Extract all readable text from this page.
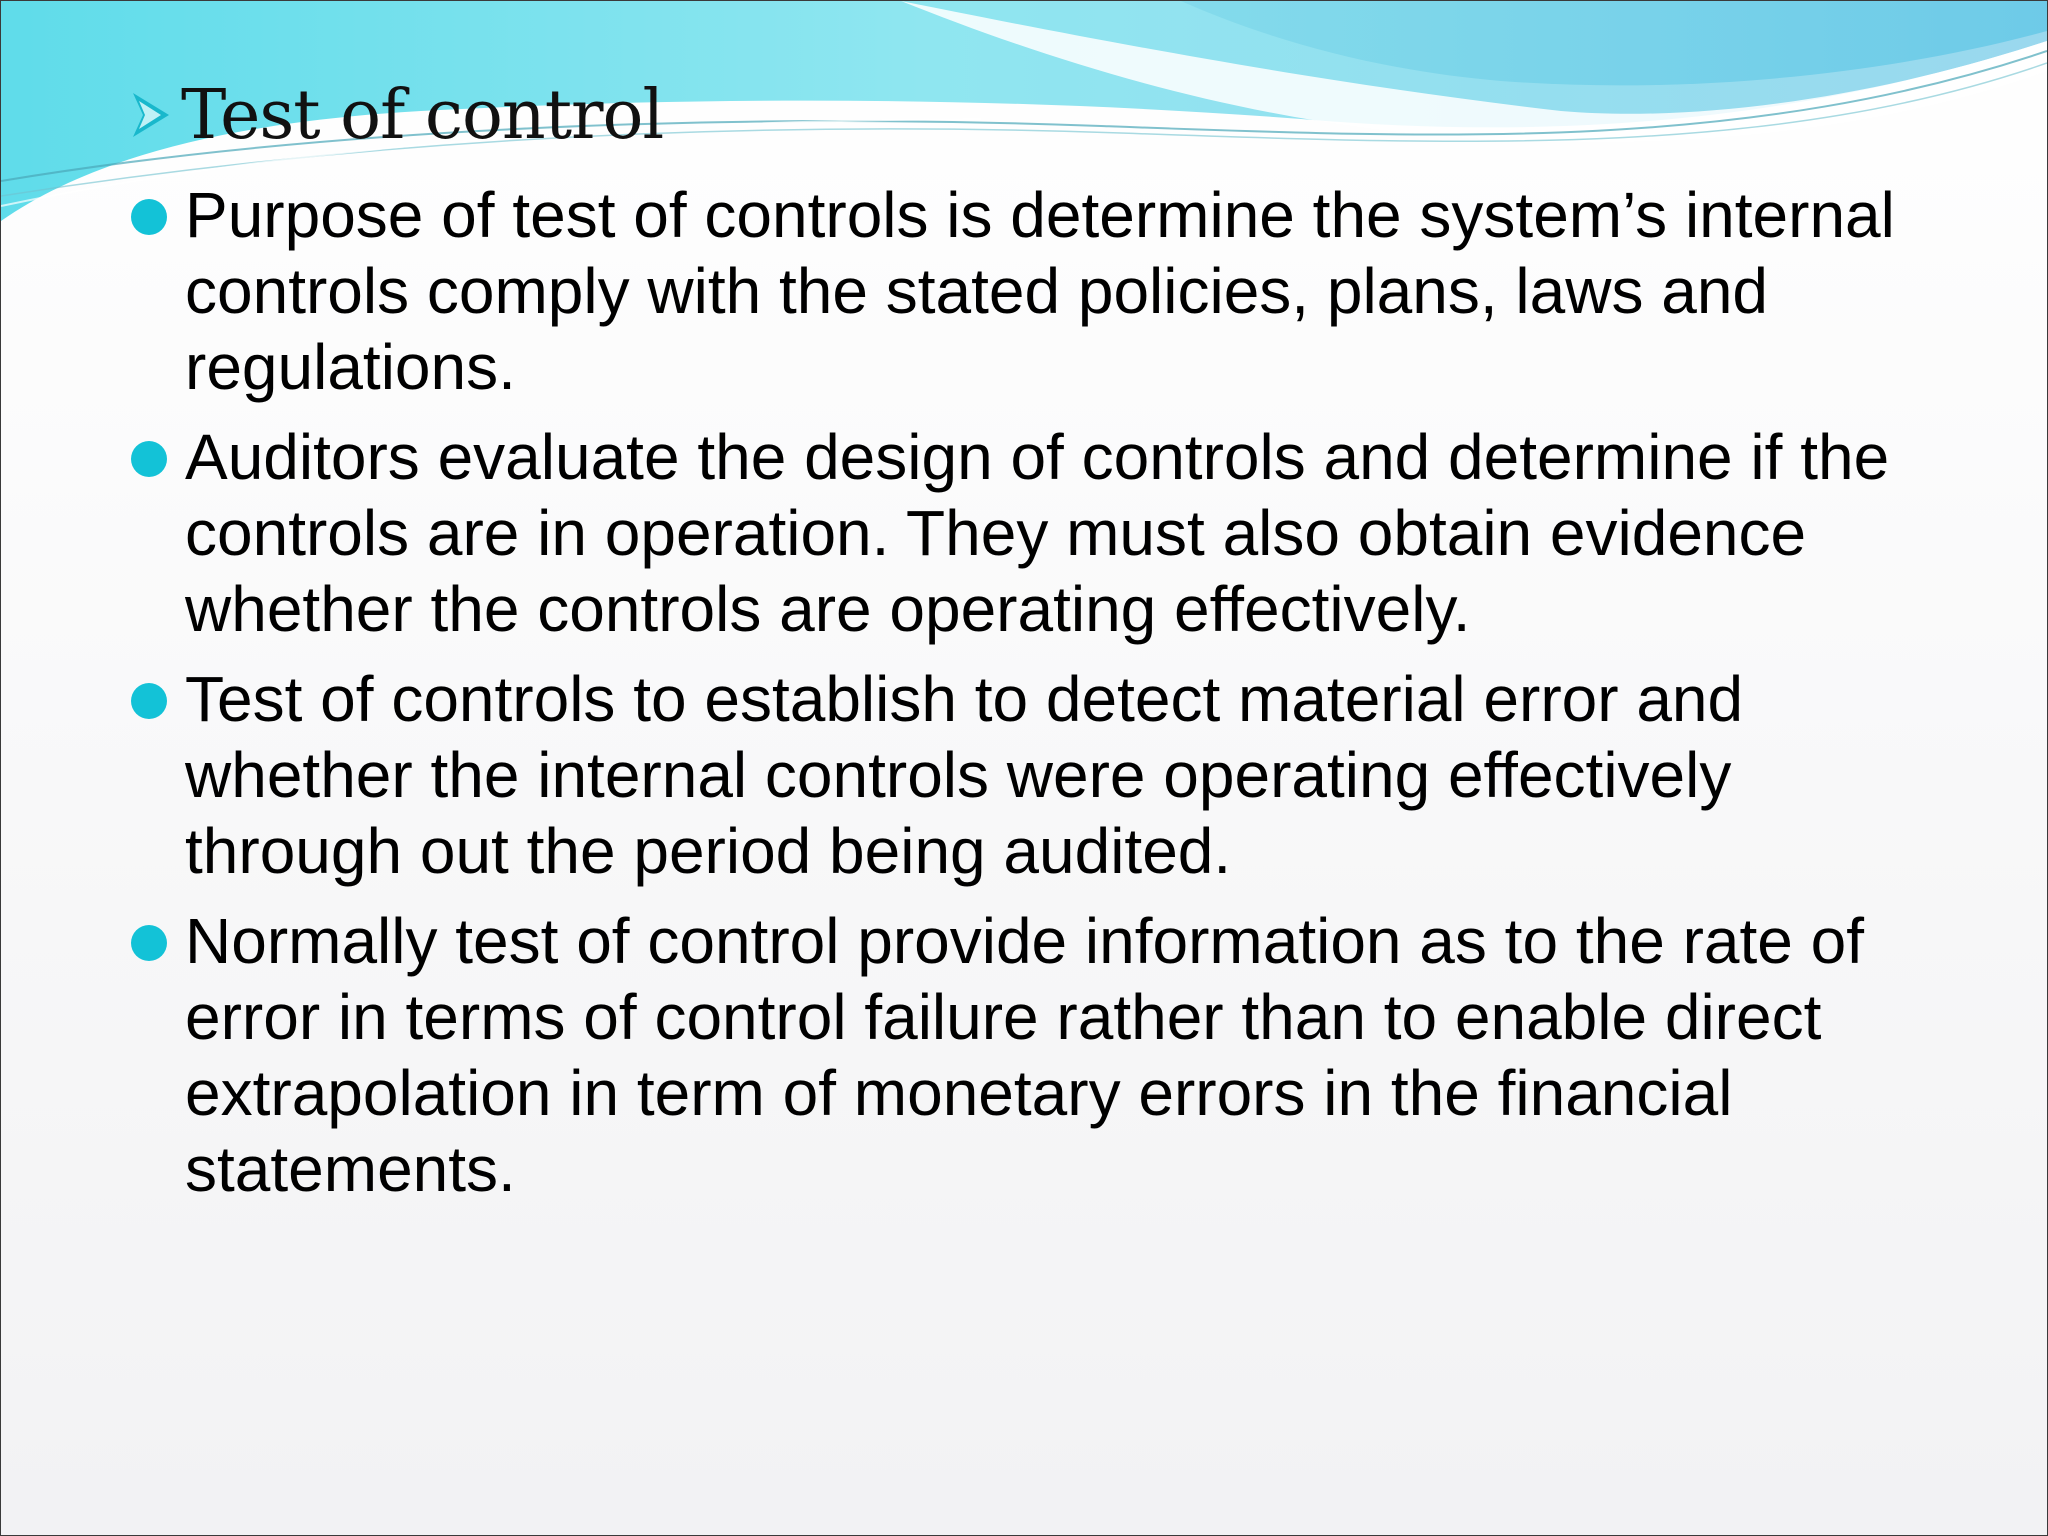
Test of control
Purpose of test of controls is determine the system’s internal controls comply with the stated policies, plans, laws and regulations.
Auditors evaluate the design of controls and determine if the controls are in operation. They must also obtain evidence whether the controls are operating effectively.
Test of controls to establish to detect material error and whether the internal controls were operating effectively through out the period being audited.
Normally test of control provide information as to the rate of error in terms of control failure rather than to enable direct extrapolation in term of monetary errors in the financial statements.
